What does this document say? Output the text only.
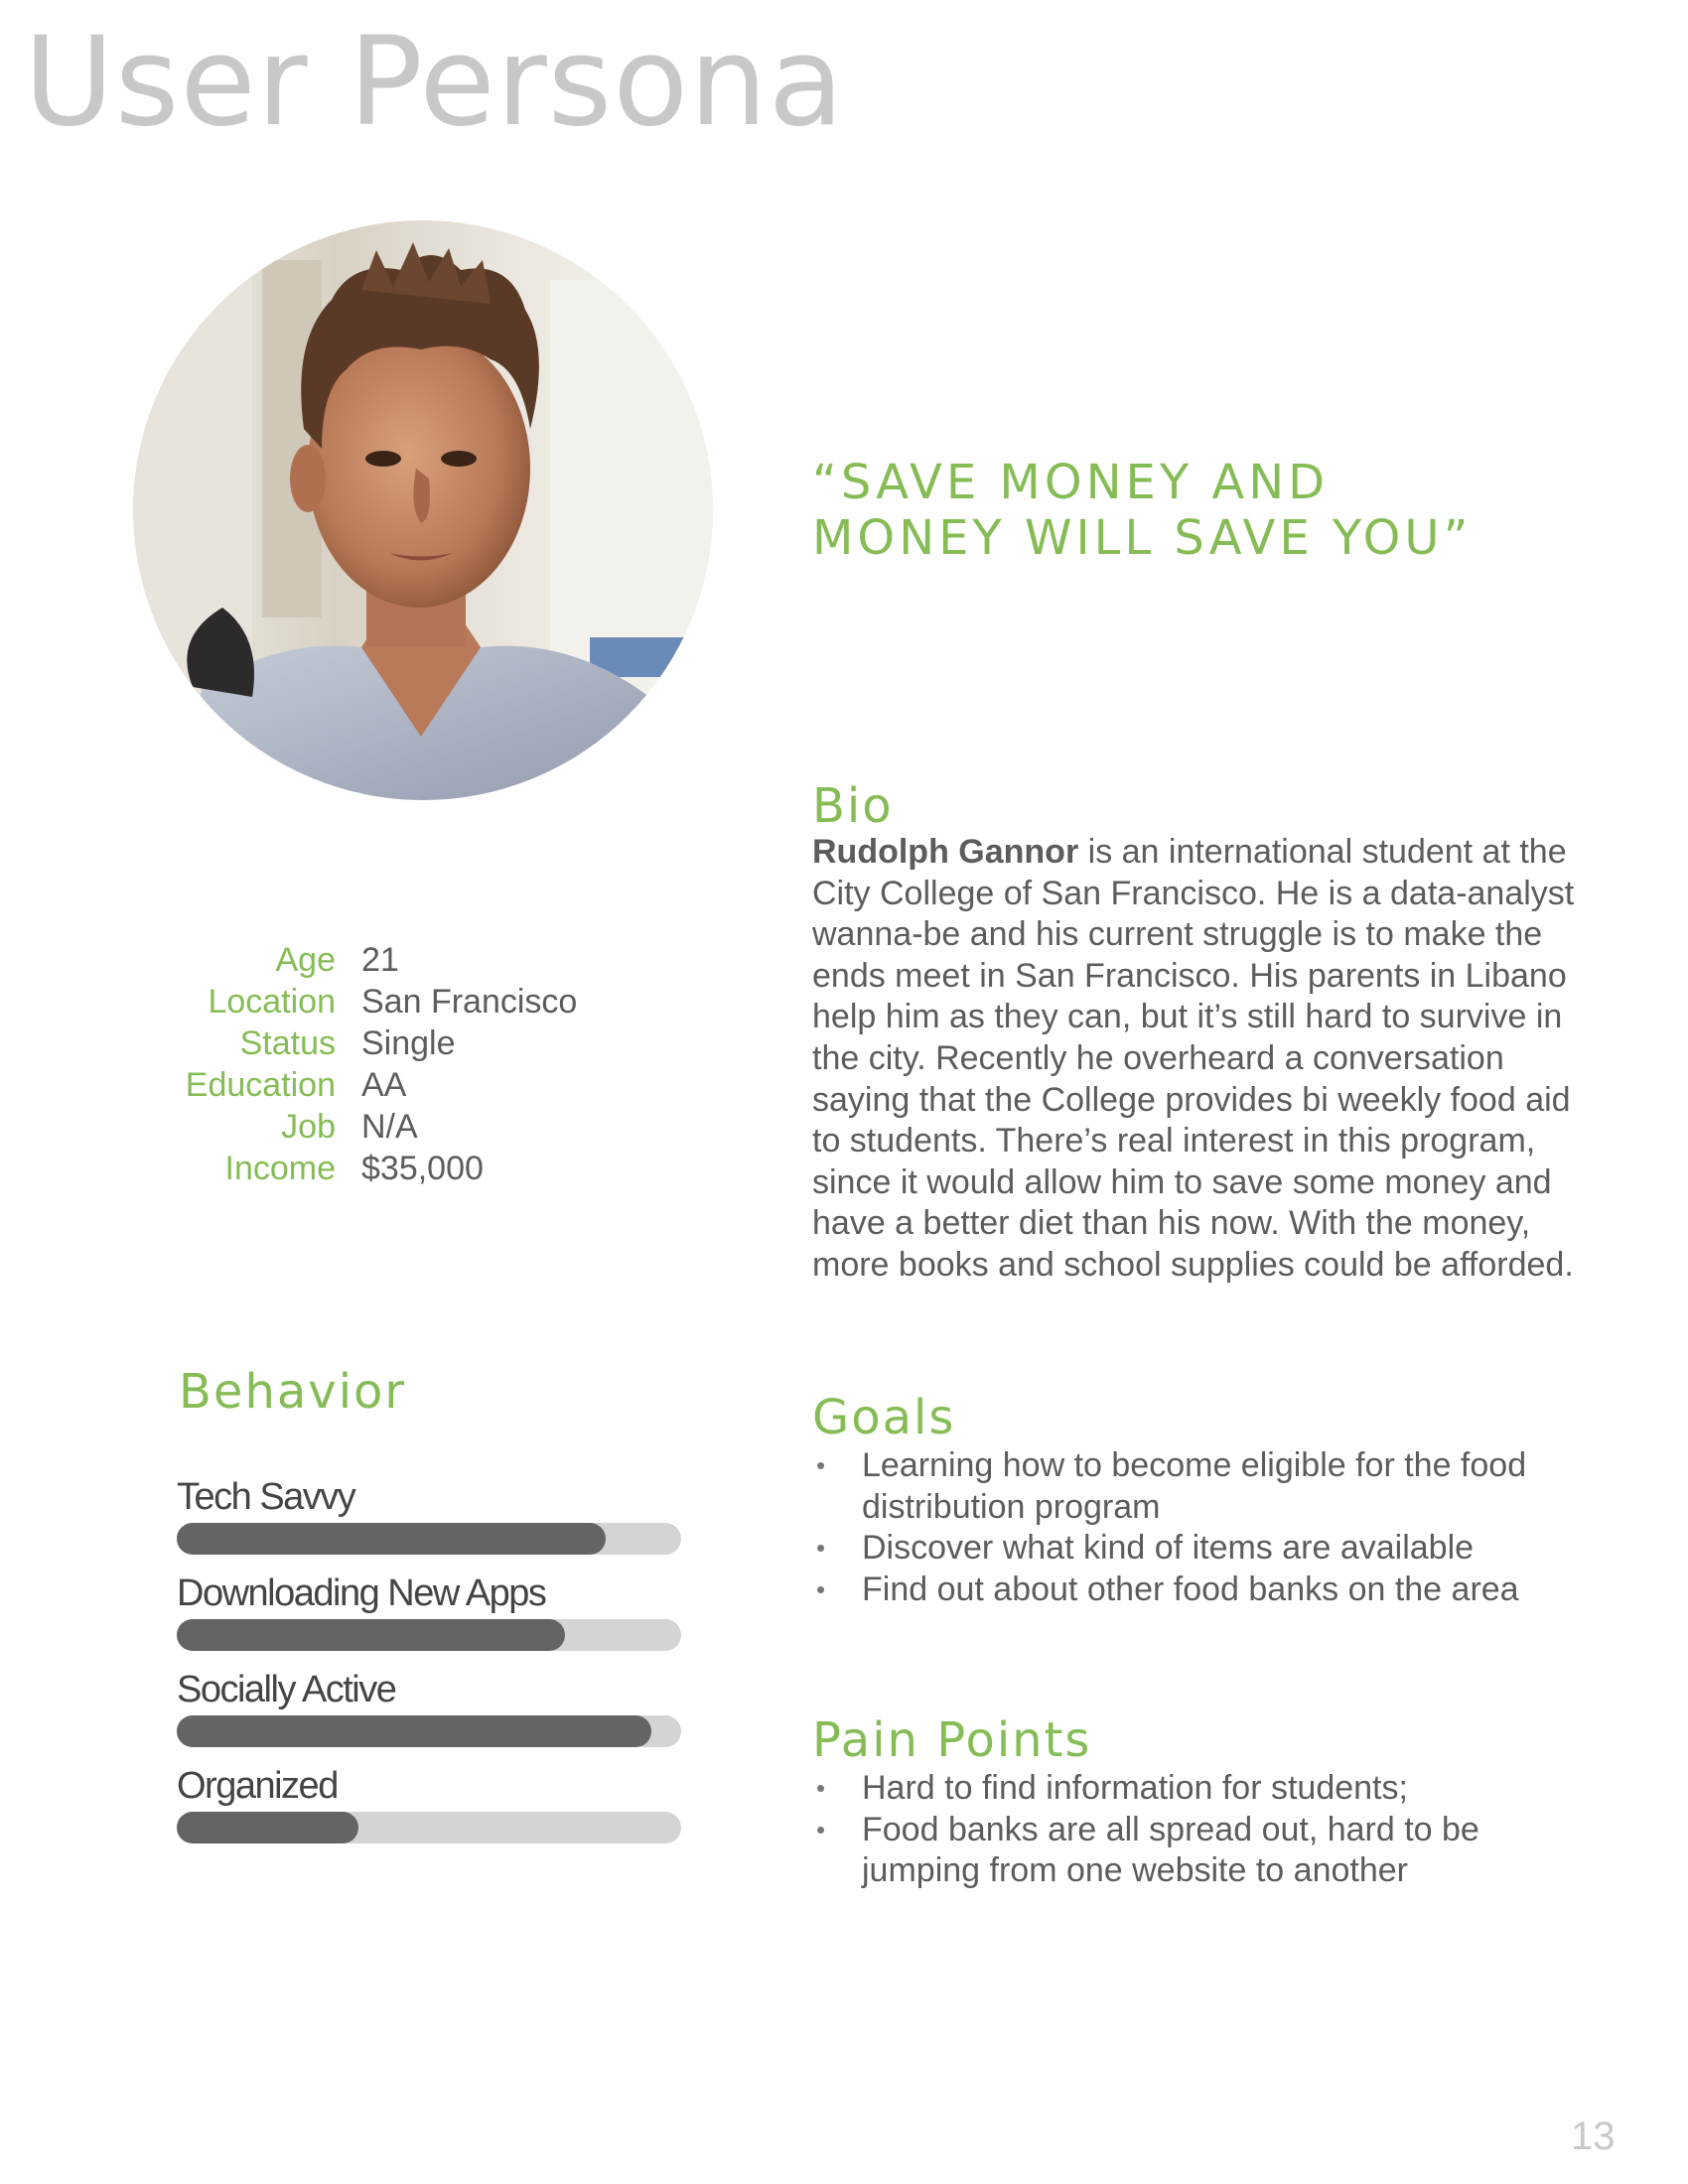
User Persona
“SAVE MONEY AND
MONEY WILL SAVE YOU”
Age 21
Location San Francisco
Status Single
Education AA
Job N/A
Income $35,000
Behavior
Tech Savvy
Downloading New Apps
Socially Active
Organized
Bio
Rudolph Gannor is an international student at the City College of San Francisco. He is a data-analyst wanna-be and his current struggle is to make the ends meet in San Francisco. His parents in Libano help him as they can, but it’s still hard to survive in the city. Recently he overheard a conversation saying that the College provides bi weekly food aid to students. There’s real interest in this program, since it would allow him to save some money and have a better diet than his now. With the money, more books and school supplies could be afforded.
Goals
• Learning how to become eligible for the food distribution program
• Discover what kind of items are available
• Find out about other food banks on the area
Pain Points
• Hard to find information for students;
• Food banks are all spread out, hard to be jumping from one website to another
13
